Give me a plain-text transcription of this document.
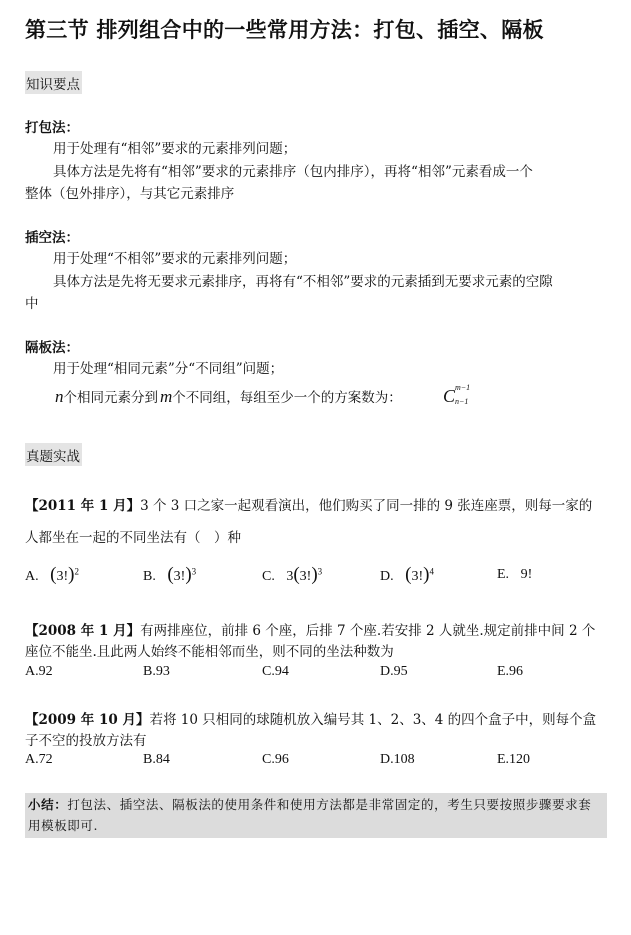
第三节 排列组合中的一些常用方法：打包、插空、隔板
知识要点
打包法：
用于处理有“相邻”要求的元素排列问题；
具体方法是先将有“相邻”要求的元素排序（包内排序），再将“相邻”元素看成一个
整体（包外排序），与其它元素排序
插空法：
用于处理“不相邻”要求的元素排列问题；
具体方法是先将无要求元素排序，再将有“不相邻”要求的元素插到无要求元素的空隙
中
隔板法：
用于处理“相同元素”分“不同组”问题；
n个相同元素分到 m个不同组，每组至少一个的方案数为： C m−1
n−1
真题实战
【2011 年 1 月】3 个 3 口之家一起观看演出，他们购买了同一排的 9 张连座票，则每一家的
人都坐在一起的不同坐法有（　）种
A. $(3!)^2$	B. $(3!)^3$	C. $3(3!)^3$	D. $(3!)^4$	E. 9!
【2008 年 1 月】有两排座位，前排 6 个座，后排 7 个座.若安排 2 人就坐.规定前排中间 2 个
座位不能坐.且此两人始终不能相邻而坐，则不同的坐法种数为
A.92	B.93	C.94	D.95	E.96
【2009 年 10 月】若将 10 只相同的球随机放入编号其 1、2、3、4 的四个盒子中，则每个盒
子不空的投放方法有
A.72	B.84	C.96	D.108	E.120
小结：打包法、插空法、隔板法的使用条件和使用方法都是非常固定的，考生只要按照步骤要求套用模板即可.
